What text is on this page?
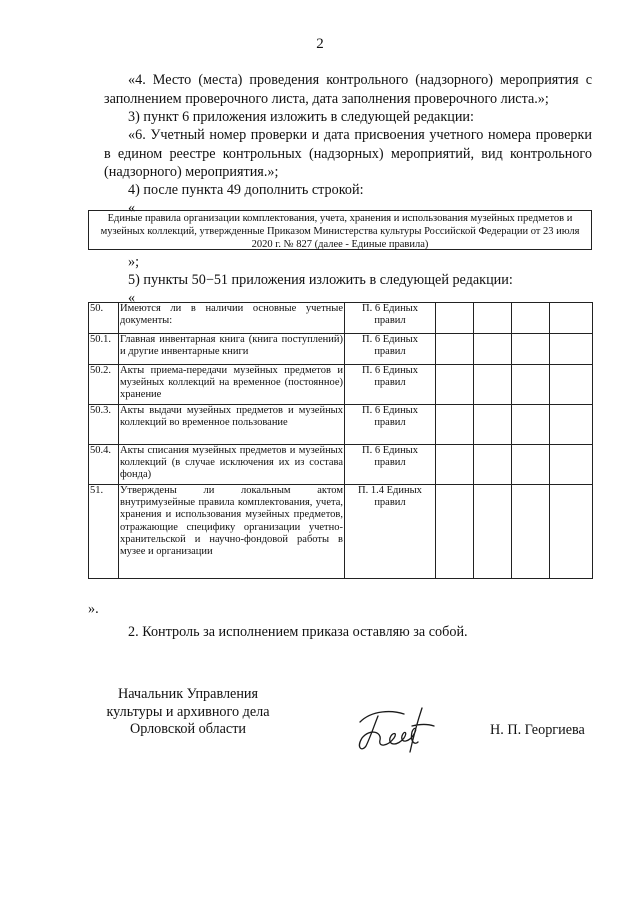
2
«4. Место (места) проведения контрольного (надзорного) мероприятия с заполнением проверочного листа, дата заполнения проверочного листа.»;
3) пункт 6 приложения изложить в следующей редакции:
«6. Учетный номер проверки и дата присвоения учетного номера проверки в едином реестре контрольных (надзорных) мероприятий, вид контрольного (надзорного) мероприятия.»;
4) после пункта 49 дополнить строкой:
«
Единые правила организации комплектования, учета, хранения и использования музейных предметов и музейных коллекций, утвержденные Приказом Министерства культуры Российской Федерации от 23 июля 2020 г. № 827 (далее - Единые правила)
»;
5) пункты 50−51 приложения изложить в следующей редакции:
«
50.	Имеются ли в наличии основные учетные документы:	П. 6 Единых правил				
50.1.	Главная инвентарная книга (книга поступлений) и другие инвентарные книги	П. 6 Единых правил				
50.2.	Акты приема-передачи музейных предметов и музейных коллекций на временное (постоянное) хранение	П. 6 Единых правил				
50.3.	Акты выдачи музейных предметов и музейных коллекций во временное пользование	П. 6 Единых правил				
50.4.	Акты списания музейных предметов и музейных коллекций (в случае исключения их из состава фонда)	П. 6 Единых правил				
51.	Утверждены ли локальным актом внутримузейные правила комплектования, учета, хранения и использования музейных предметов, отражающие специфику организации учетно-хранительской и научно-фондовой работы в музее и организации	П. 1.4 Единых правил				
».
2. Контроль за исполнением приказа оставляю за собой.
Начальник Управления
культуры и архивного дела
Орловской области	Н. П. Георгиева
